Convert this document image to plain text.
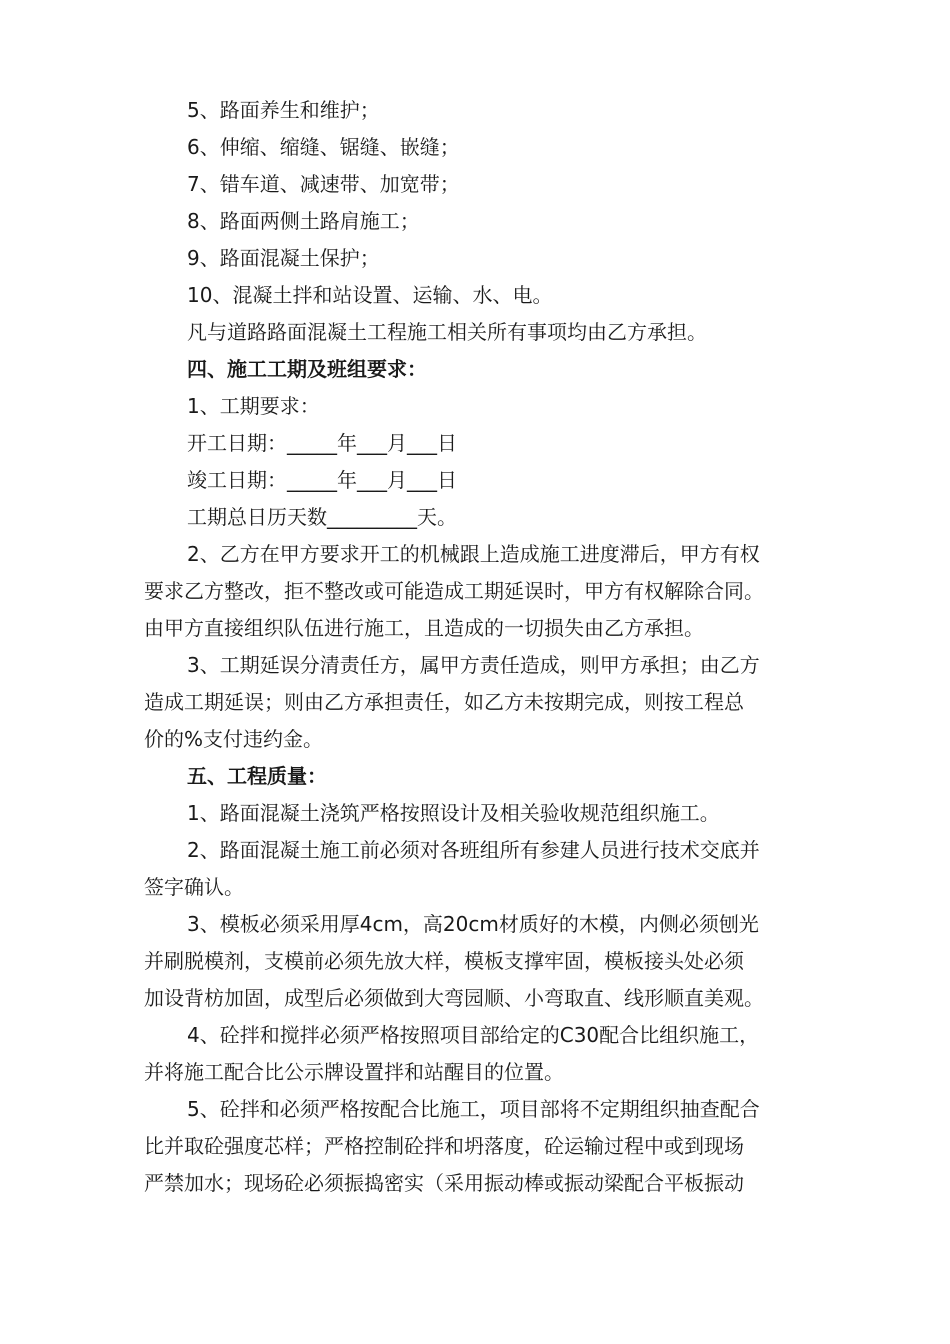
5、路面养生和维护；
6、伸缩、缩缝、锯缝、嵌缝；
7、错车道、减速带、加宽带；
8、路面两侧土路肩施工；
9、路面混凝土保护；
10、混凝土拌和站设置、运输、水、电。
凡与道路路面混凝土工程施工相关所有事项均由乙方承担。
四、施工工期及班组要求：
1、工期要求：
开工日期：_____年___月___日
竣工日期：_____年___月___日
工期总日历天数_________天。
2、乙方在甲方要求开工的机械跟上造成施工进度滞后，甲方有权
要求乙方整改，拒不整改或可能造成工期延误时，甲方有权解除合同。
由甲方直接组织队伍进行施工，且造成的一切损失由乙方承担。
3、工期延误分清责任方，属甲方责任造成，则甲方承担；由乙方
造成工期延误；则由乙方承担责任，如乙方未按期完成，则按工程总
价的%支付违约金。
五、工程质量：
1、路面混凝土浇筑严格按照设计及相关验收规范组织施工。
2、路面混凝土施工前必须对各班组所有参建人员进行技术交底并
签字确认。
3、模板必须采用厚4cm，高20cm材质好的木模，内侧必须刨光
并刷脱模剂，支模前必须先放大样，模板支撑牢固，模板接头处必须
加设背枋加固，成型后必须做到大弯园顺、小弯取直、线形顺直美观。
4、砼拌和搅拌必须严格按照项目部给定的C30配合比组织施工，
并将施工配合比公示牌设置拌和站醒目的位置。
5、砼拌和必须严格按配合比施工，项目部将不定期组织抽查配合
比并取砼强度芯样；严格控制砼拌和坍落度，砼运输过程中或到现场
严禁加水；现场砼必须振捣密实（采用振动棒或振动梁配合平板振动
